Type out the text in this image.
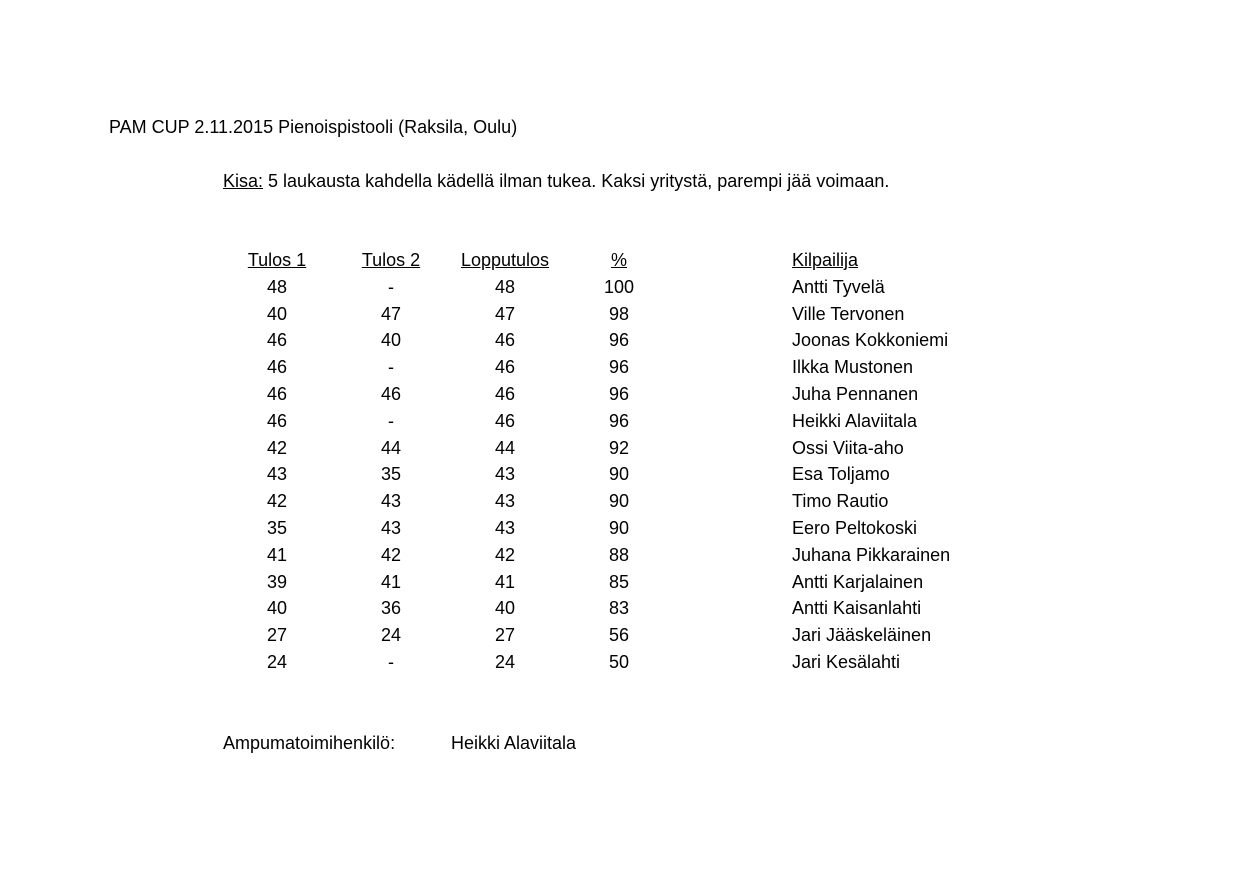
PAM CUP 2.11.2015 Pienoispistooli (Raksila, Oulu)
Kisa: 5 laukausta kahdella kädellä ilman tukea. Kaksi yritystä, parempi jää voimaan.
Tulos 1	Tulos 2	Lopputulos	%		Kilpailija
48	-	48	100		Antti Tyvelä
40	47	47	98		Ville Tervonen
46	40	46	96		Joonas Kokkoniemi
46	-	46	96		Ilkka Mustonen
46	46	46	96		Juha Pennanen
46	-	46	96		Heikki Alaviitala
42	44	44	92		Ossi Viita-aho
43	35	43	90		Esa Toljamo
42	43	43	90		Timo Rautio
35	43	43	90		Eero Peltokoski
41	42	42	88		Juhana Pikkarainen
39	41	41	85		Antti Karjalainen
40	36	40	83		Antti Kaisanlahti
27	24	27	56		Jari Jääskeläinen
24	-	24	50		Jari Kesälahti
Ampumatoimihenkilö:	Heikki Alaviitala
